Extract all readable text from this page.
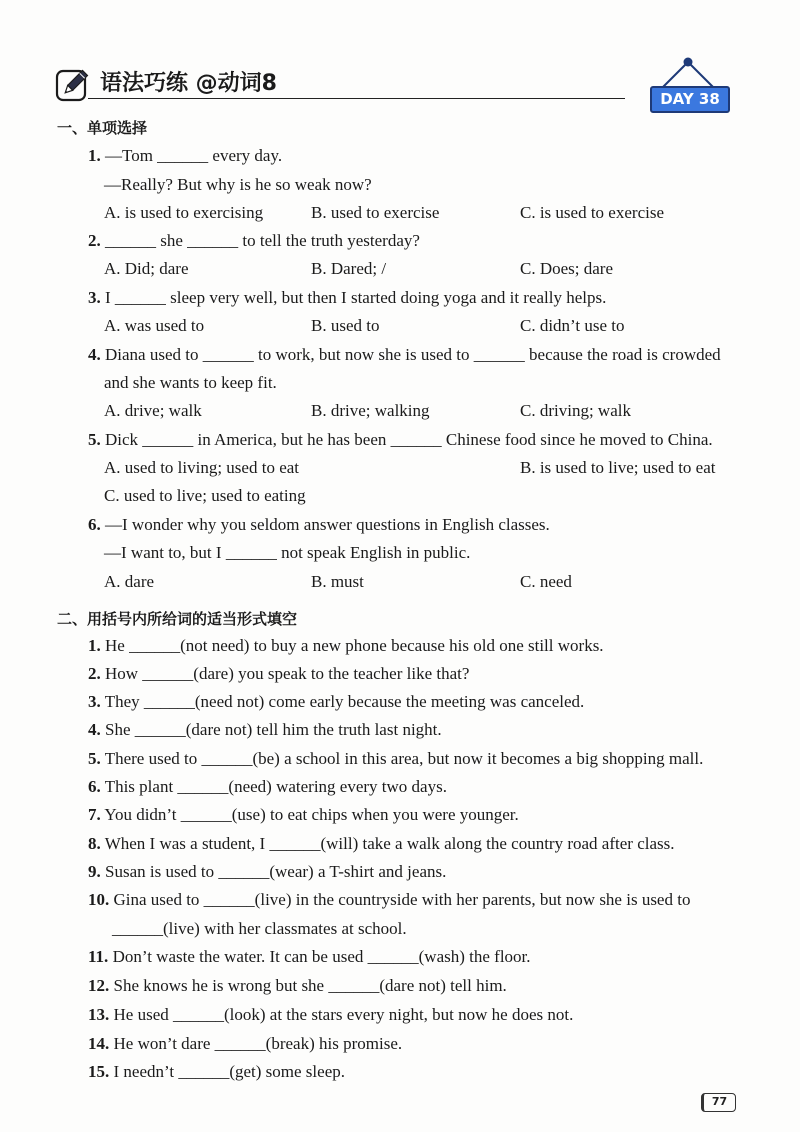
语法巧练 @动词8
DAY 38
一、单项选择
1. —Tom ______ every day.
—Really? But why is he so weak now?
A. is used to exercising	B. used to exercise	C. is used to exercise
2. ______ she ______ to tell the truth yesterday?
A. Did; dare	B. Dared; /	C. Does; dare
3. I ______ sleep very well, but then I started doing yoga and it really helps.
A. was used to	B. used to	C. didn’t use to
4. Diana used to ______ to work, but now she is used to ______ because the road is crowded
and she wants to keep fit.
A. drive; walk	B. drive; walking	C. driving; walk
5. Dick ______ in America, but he has been ______ Chinese food since he moved to China.
A. used to living; used to eat	B. is used to live; used to eat
C. used to live; used to eating
6. —I wonder why you seldom answer questions in English classes.
—I want to, but I ______ not speak English in public.
A. dare	B. must	C. need
二、用括号内所给词的适当形式填空
1. He ______(not need) to buy a new phone because his old one still works.
2. How ______(dare) you speak to the teacher like that?
3. They ______(need not) come early because the meeting was canceled.
4. She ______(dare not) tell him the truth last night.
5. There used to ______(be) a school in this area, but now it becomes a big shopping mall.
6. This plant ______(need) watering every two days.
7. You didn’t ______(use) to eat chips when you were younger.
8. When I was a student, I ______(will) take a walk along the country road after class.
9. Susan is used to ______(wear) a T-shirt and jeans.
10. Gina used to ______(live) in the countryside with her parents, but now she is used to
______(live) with her classmates at school.
11. Don’t waste the water. It can be used ______(wash) the floor.
12. She knows he is wrong but she ______(dare not) tell him.
13. He used ______(look) at the stars every night, but now he does not.
14. He won’t dare ______(break) his promise.
15. I needn’t ______(get) some sleep.
77
